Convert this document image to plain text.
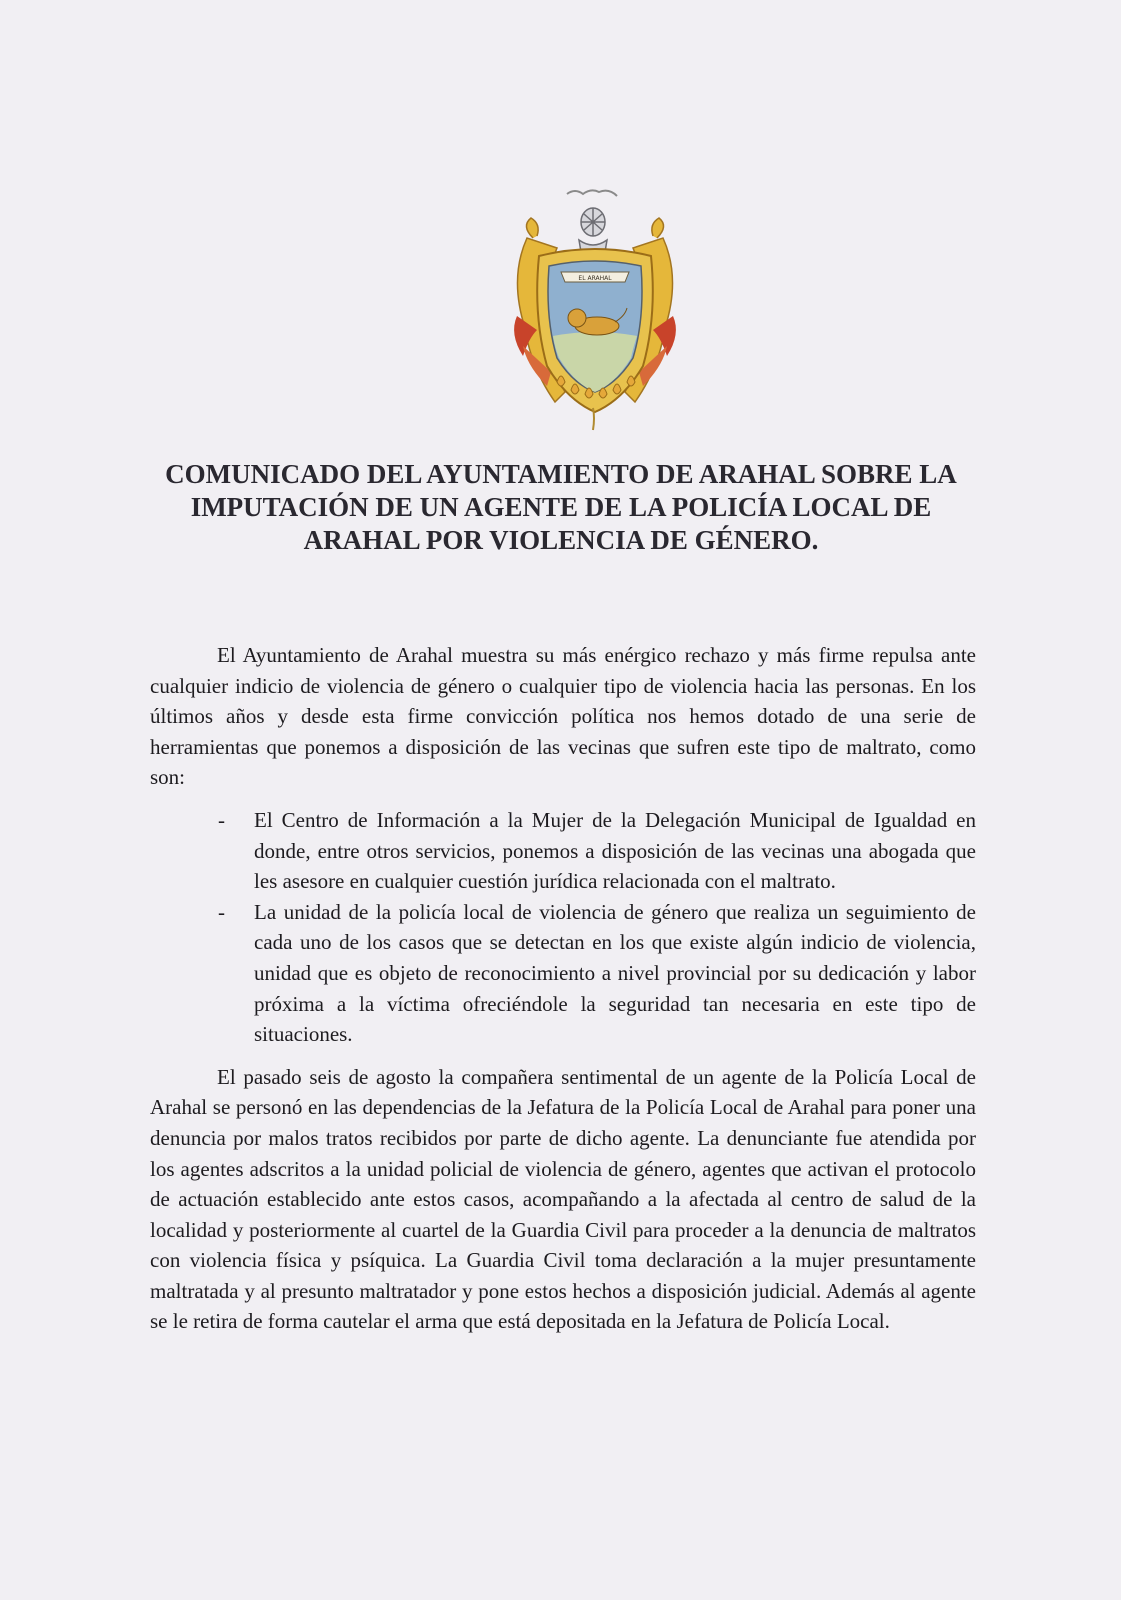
EL ARAHAL
COMUNICADO DEL AYUNTAMIENTO DE ARAHAL SOBRE LA
IMPUTACIÓN DE UN AGENTE DE LA POLICÍA LOCAL DE
ARAHAL POR VIOLENCIA DE GÉNERO.

El Ayuntamiento de Arahal muestra su más enérgico rechazo y más firme repulsa ante cualquier indicio de violencia de género o cualquier tipo de violencia hacia las personas. En los últimos años y desde esta firme convicción política nos hemos dotado de una serie de herramientas que ponemos a disposición de las vecinas que sufren este tipo de maltrato, como son:

- El Centro de Información a la Mujer de la Delegación Municipal de Igualdad en donde, entre otros servicios, ponemos a disposición de las vecinas una abogada que les asesore en cualquier cuestión jurídica relacionada con el maltrato.
- La unidad de la policía local de violencia de género que realiza un seguimiento de cada uno de los casos que se detectan en los que existe algún indicio de violencia, unidad que es objeto de reconocimiento a nivel provincial por su dedicación y labor próxima a la víctima ofreciéndole la seguridad tan necesaria en este tipo de situaciones.

El pasado seis de agosto la compañera sentimental de un agente de la Policía Local de Arahal se personó en las dependencias de la Jefatura de la Policía Local de Arahal para poner una denuncia por malos tratos recibidos por parte de dicho agente. La denunciante fue atendida por los agentes adscritos a la unidad policial de violencia de género, agentes que activan el protocolo de actuación establecido ante estos casos, acompañando a la afectada al centro de salud de la localidad y posteriormente al cuartel de la Guardia Civil para proceder a la denuncia de maltratos con violencia física y psíquica. La Guardia Civil toma declaración a la mujer presuntamente maltratada y al presunto maltratador y pone estos hechos a disposición judicial. Además al agente se le retira de forma cautelar el arma que está depositada en la Jefatura de Policía Local.
